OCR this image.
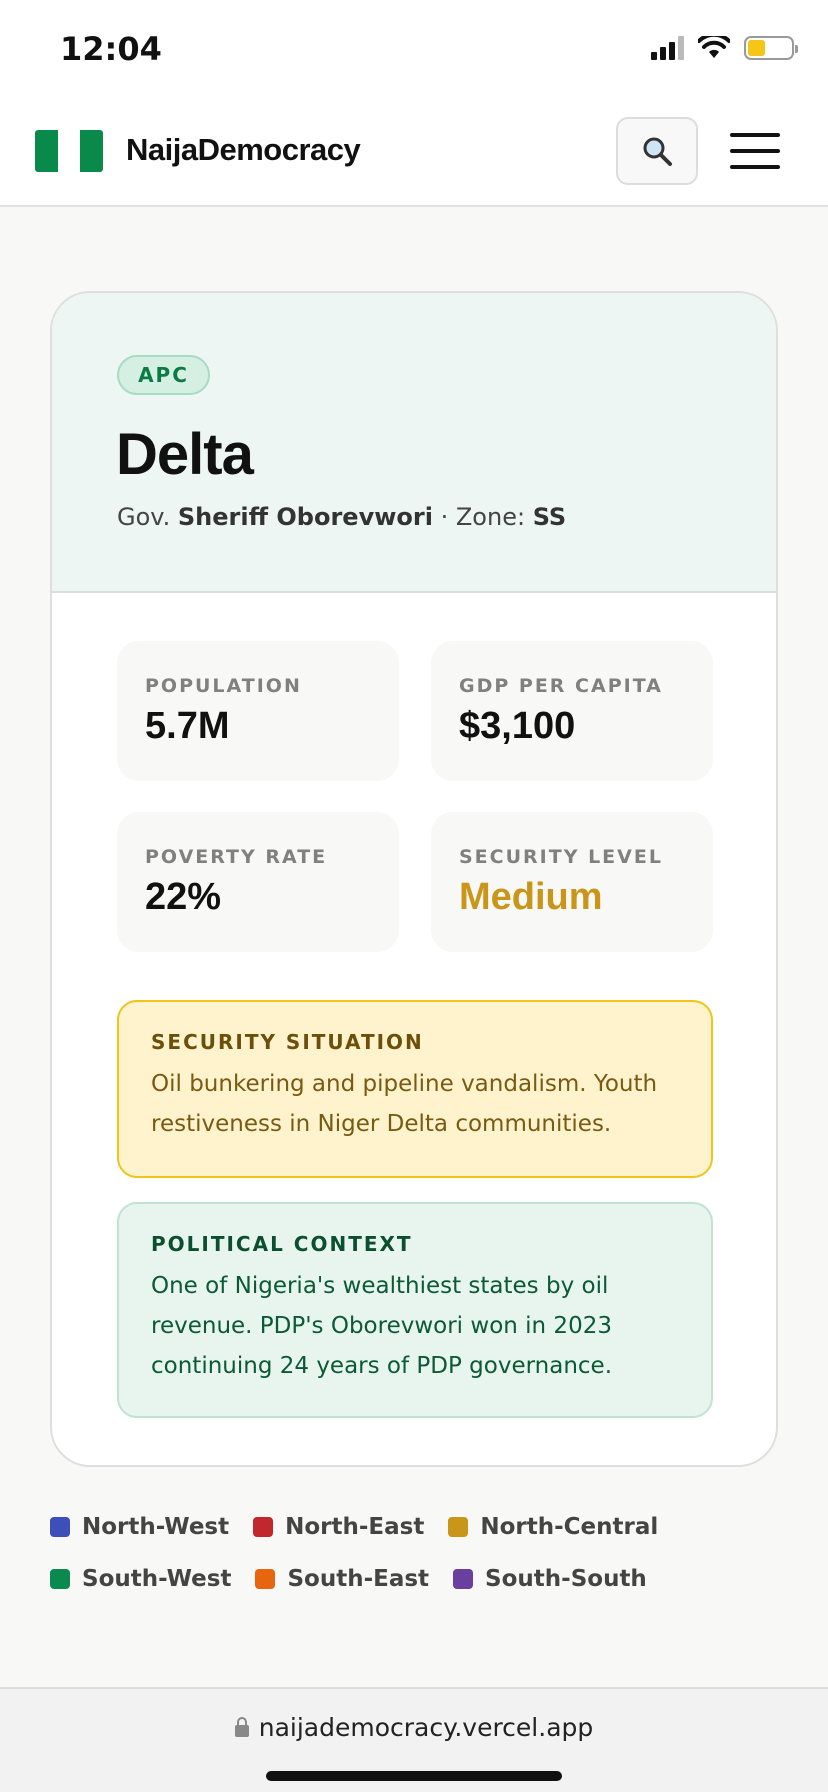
12:04
NaijaDemocracy
APC
Delta
Gov. Sheriff Oborevwori · Zone: SS
POPULATION
5.7M
GDP PER CAPITA
$3,100
POVERTY RATE
22%
SECURITY LEVEL
Medium
SECURITY SITUATION
Oil bunkering and pipeline vandalism. Youth restiveness in Niger Delta communities.
POLITICAL CONTEXT
One of Nigeria's wealthiest states by oil revenue. PDP's Oborevwori won in 2023 continuing 24 years of PDP governance.
North-West North-East North-Central
South-West South-East South-South
naijademocracy.vercel.app
